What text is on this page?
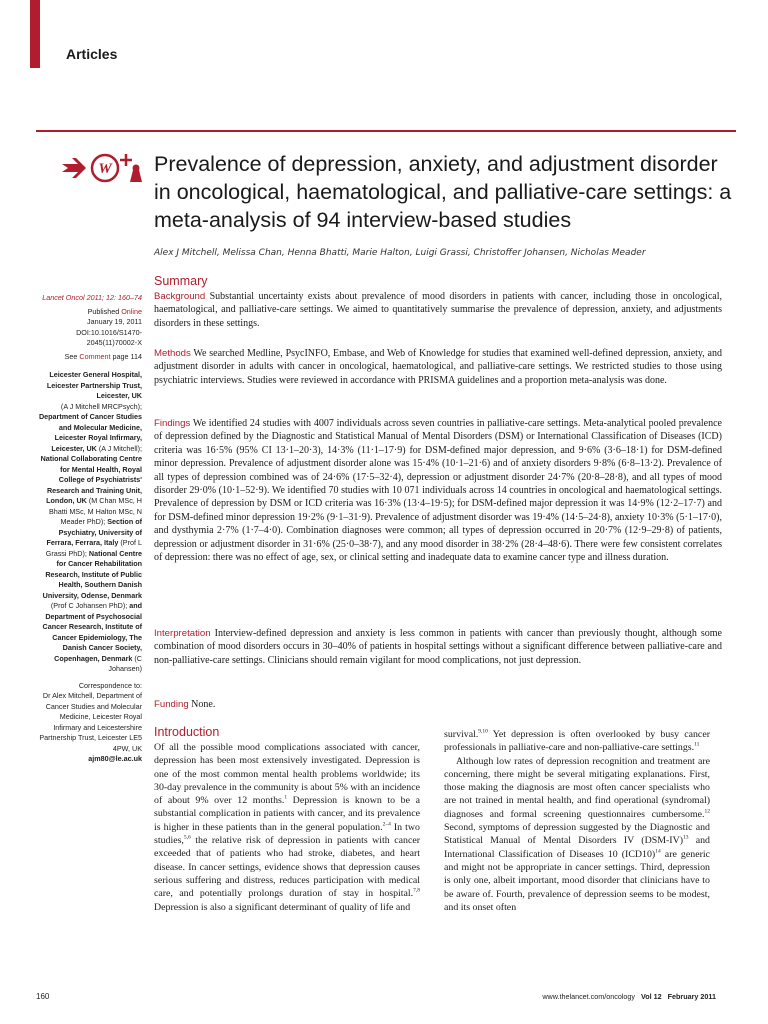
Articles
W Prevalence of depression, anxiety, and adjustment disorder in oncological, haematological, and palliative-care settings: a meta-analysis of 94 interview-based studies
Alex J Mitchell, Melissa Chan, Henna Bhatti, Marie Halton, Luigi Grassi, Christoffer Johansen, Nicholas Meader

Lancet Oncol 2011; 12: 160–74

Published Online

January 19, 2011

DOI:10.1016/S1470-

2045(11)70002-X

See Comment page 114

Leicester General Hospital, Leicester Partnership Trust, Leicester, UK
(A J Mitchell MRCPsych);
Department of Cancer Studies and Molecular Medicine, Leicester Royal Infirmary, Leicester, UK (A J Mitchell); National Collaborating Centre for Mental Health, Royal College of Psychiatrists' Research and Training Unit, London, UK (M Chan MSc, H Bhatti MSc, M Halton MSc, N Meader PhD); Section of Psychiatry, University of Ferrara, Ferrara, Italy (Prof L Grassi PhD); National Centre for Cancer Rehabilitation Research, Institute of Public Health, Southern Danish University, Odense, Denmark (Prof C Johansen PhD); and Department of Psychosocial Cancer Research, Institute of Cancer Epidemiology, The Danish Cancer Society, Copenhagen, Denmark (C Johansen)

Correspondence to:

Dr Alex Mitchell, Department of Cancer Studies and Molecular Medicine, Leicester Royal Infirmary and Leicestershire Partnership Trust, Leicester LE5 4PW, UK

ajm80@le.ac.uk

Summary

Background Substantial uncertainty exists about prevalence of mood disorders in patients with cancer, including those in oncological, haematological, and palliative-care settings. We aimed to quantitatively summarise the prevalence of depression, anxiety, and adjustments disorders in these settings.

Methods We searched Medline, PsycINFO, Embase, and Web of Knowledge for studies that examined well-defined depression, anxiety, and adjustment disorder in adults with cancer in oncological, haematological, and palliative-care settings. We restricted studies to those using psychiatric interviews. Studies were reviewed in accordance with PRISMA guidelines and a proportion meta-analysis was done.

Findings We identified 24 studies with 4007 individuals across seven countries in palliative-care settings. Meta-analytical pooled prevalence of depression defined by the Diagnostic and Statistical Manual of Mental Disorders (DSM) or International Classification of Diseases (ICD) criteria was 16·5% (95% CI 13·1–20·3), 14·3% (11·1–17·9) for DSM-defined major depression, and 9·6% (3·6–18·1) for DSM-defined minor depression. Prevalence of adjustment disorder alone was 15·4% (10·1–21·6) and of anxiety disorders 9·8% (6·8–13·2). Prevalence of all types of depression combined was of 24·6% (17·5–32·4), depression or adjustment disorder 24·7% (20·8–28·8), and all types of mood disorder 29·0% (10·1–52·9). We identified 70 studies with 10 071 individuals across 14 countries in oncological and haematological settings. Prevalence of depression by DSM or ICD criteria was 16·3% (13·4–19·5); for DSM-defined major depression it was 14·9% (12·2–17·7) and for DSM-defined minor depression 19·2% (9·1–31·9). Prevalence of adjustment disorder was 19·4% (14·5–24·8), anxiety 10·3% (5·1–17·0), and dysthymia 2·7% (1·7–4·0). Combination diagnoses were common; all types of depression occurred in 20·7% (12·9–29·8) of patients, depression or adjustment disorder in 31·6% (25·0–38·7), and any mood disorder in 38·2% (28·4–48·6). There were few consistent correlates of depression: there was no effect of age, sex, or clinical setting and inadequate data to examine cancer type and illness duration.

Interpretation Interview-defined depression and anxiety is less common in patients with cancer than previously thought, although some combination of mood disorders occurs in 30–40% of patients in hospital settings without a significant difference between palliative-care and non-palliative-care settings. Clinicians should remain vigilant for mood complications, not just depression.

Funding None.

Introduction

Of all the possible mood complications associated with cancer, depression has been most extensively investigated. Depression is one of the most common mental health problems worldwide; its 30-day prevalence in the community is about 5% with an incidence of about 9% over 12 months.$^1$ Depression is known to be a substantial complication in patients with cancer, and its prevalence is higher in these patients than in the general population.$^{2-4}$ In two studies,$^{5,6}$ the relative risk of depression in patients with cancer exceeded that of patients who had stroke, diabetes, and heart disease. In cancer settings, evidence shows that depression causes serious suffering and distress, reduces participation with medical care, and potentially prolongs duration of stay in hospital.$^{7,8}$ Depression is also a significant determinant of quality of life and

survival.$^{9,10}$ Yet depression is often overlooked by busy cancer professionals in palliative-care and non-palliative-care settings.$^{11}$

Although low rates of depression recognition and treatment are concerning, there might be several mitigating explanations. First, those making the diagnosis are most often cancer specialists who are not trained in mental health, and find operational (syndromal) diagnoses and formal screening questionnaires cumbersome.$^{12}$ Second, symptoms of depression suggested by the Diagnostic and Statistical Manual of Mental Disorders IV $(DSM-IV)^{13}$ and International Classification of Diseases 10 $(ICD10)^{14}$ are generic and might not be appropriate in cancer settings. Third, depression is only one, albeit important, mood disorder that clinicians have to be aware of. Fourth, prevalence of depression seems to be modest, and its onset often

160	www.thelancet.com/oncology Vol 12 February 2011
